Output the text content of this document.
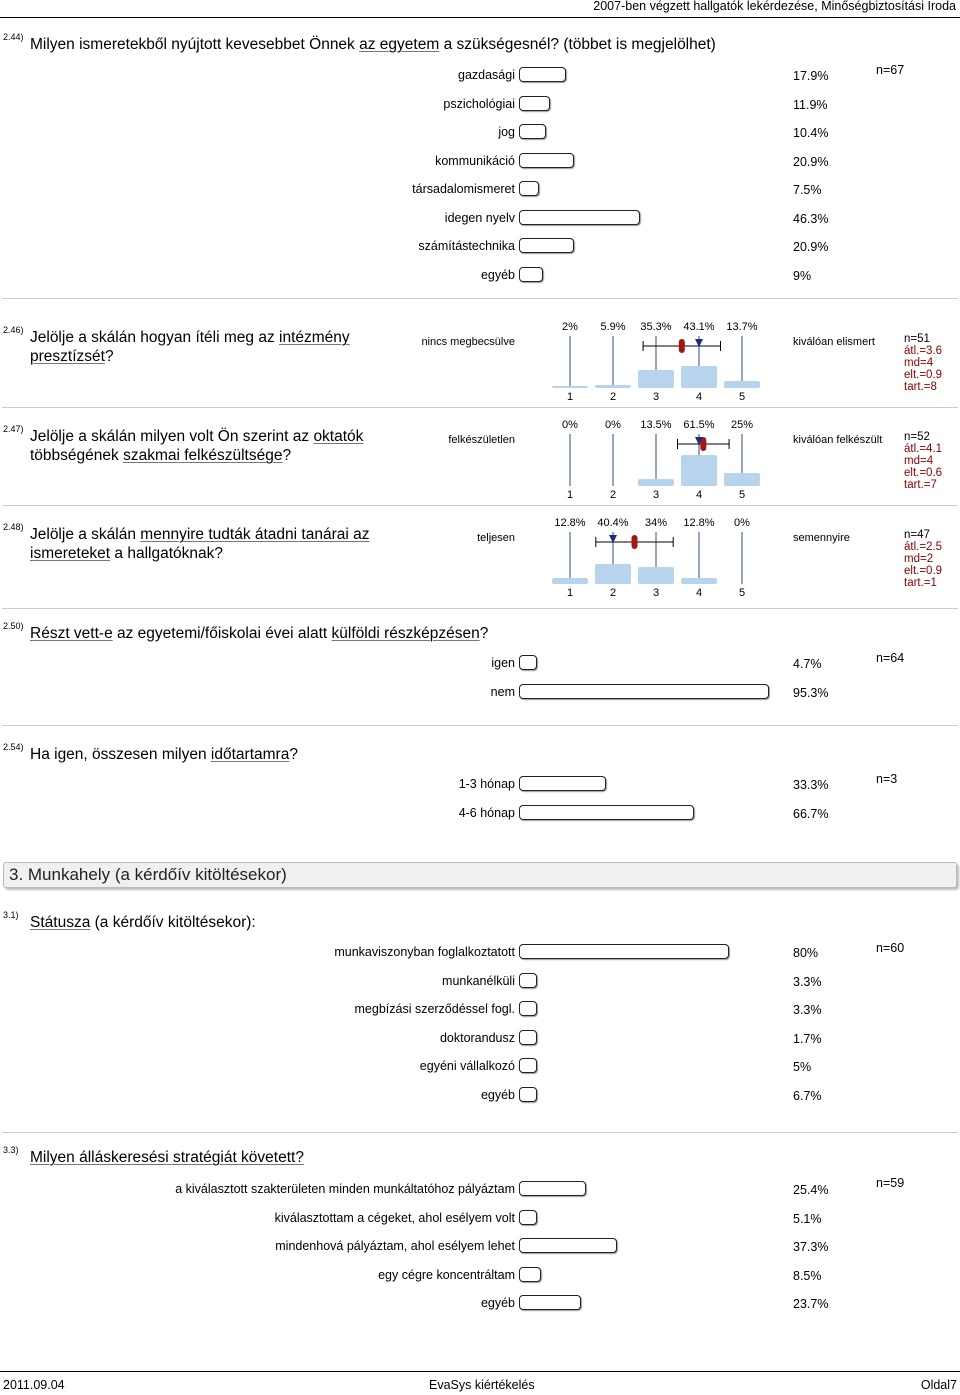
2007-ben végzett hallgatók lekérdezése, Minőségbiztosítási Iroda
2.44) Milyen ismeretekből nyújtott kevesebbet Önnek az egyetem a szükségesnél? (többet is megjelölhet)
n=67
gazdasági	17.9%
pszichológiai	11.9%
jog	10.4%
kommunikáció	20.9%
társadalomismeret	7.5%
idegen nyelv	46.3%
számítástechnika	20.9%
egyéb	9%
2.46) Jelölje a skálán hogyan ítéli meg az intézmény
presztízsét?
nincs megbecsülve	kiválóan elismert
2% 5.9% 35.3% 43.1% 13.7%
1	2	3	4	5
n=51
átl.=3.6
md=4
elt.=0.9
tart.=8
2.47) Jelölje a skálán milyen volt Ön szerint az oktatók
többségének szakmai felkészültsége?
felkészületlen	kiválóan felkészült
0% 0% 13.5% 61.5% 25%
1	2	3	4	5
n=52
átl.=4.1
md=4
elt.=0.6
tart.=7
2.48) Jelölje a skálán mennyire tudták átadni tanárai az
ismereteket a hallgatóknak?
teljesen	semennyire
12.8% 40.4% 34% 12.8% 0%
1	2	3	4	5
n=47
átl.=2.5
md=2
elt.=0.9
tart.=1
2.50) Részt vett-e az egyetemi/főiskolai évei alatt külföldi részképzésen?
n=64
igen	4.7%
nem	95.3%
2.54) Ha igen, összesen milyen időtartamra?
n=3
1-3 hónap	33.3%
4-6 hónap	66.7%
3. Munkahely (a kérdőív kitöltésekor)
3.1) Státusza (a kérdőív kitöltésekor):
n=60
munkaviszonyban foglalkoztatott	80%
munkanélküli	3.3%
megbízási szerződéssel fogl.	3.3%
doktorandusz	1.7%
egyéni vállalkozó	5%
egyéb	6.7%
3.3) Milyen álláskeresési stratégiát követett?
n=59
a kiválasztott szakterületen minden munkáltatóhoz pályáztam	25.4%
kiválasztottam a cégeket, ahol esélyem volt	5.1%
mindenhová pályáztam, ahol esélyem lehet	37.3%
egy cégre koncentráltam	8.5%
egyéb	23.7%
2011.09.04	EvaSys kiértékelés	Oldal7
